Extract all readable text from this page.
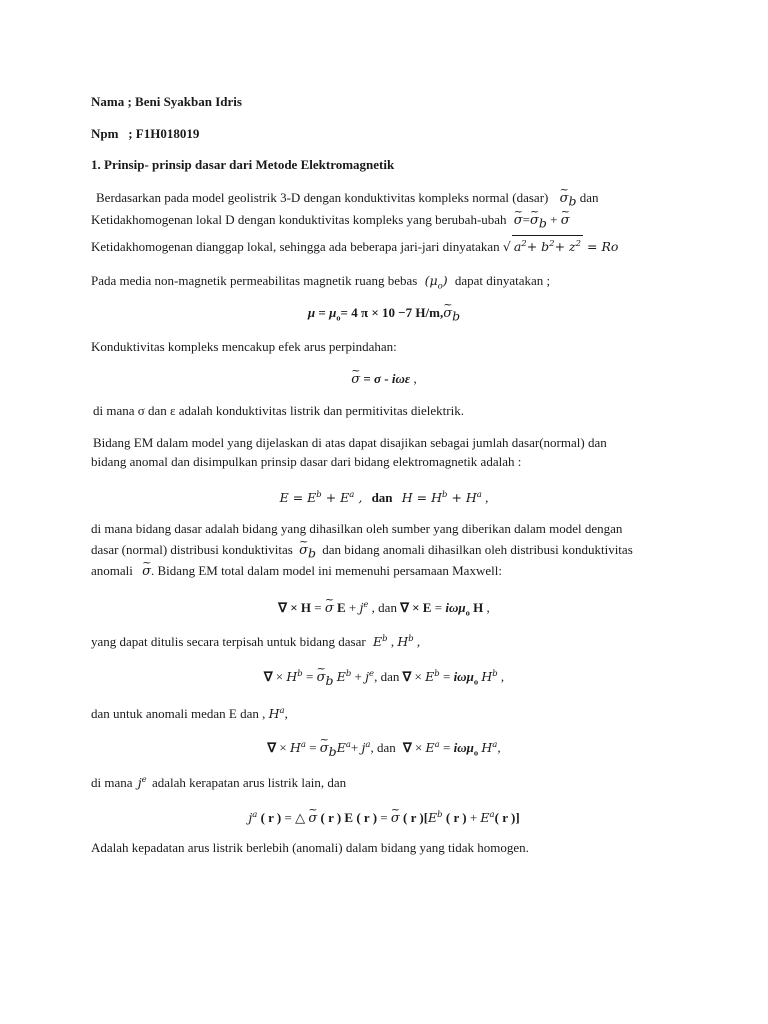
Nama ; Beni Syakban Idris
Npm   ; F1H018019
1. Prinsip- prinsip dasar dari Metode Elektromagnetik
Berdasarkan pada model geolistrik 3-D dengan konduktivitas kompleks normal (dasar) ~ $\sigma_b$ dan
Ketidakhomogenan lokal D dengan konduktivitas kompleks yang berubah-ubah ~ σ=~ $\sigma_b$ + ~ σ
Ketidakhomogenan dianggap lokal, sehingga ada beberapa jari-jari dinyatakan √ $a^2+ b^2+ z^2 = Ro$
Pada media non-magnetik permeabilitas magnetik ruang bebas $(\mu_o)$ dapat dinyatakan ;
$\mu = \mu_o= 4$ π × 10 −7 H/m,~ $\sigma_b$
Konduktivitas kompleks mencakup efek arus perpindahan:
~ σ = σ - iωε ,
di mana σ dan ε adalah konduktivitas listrik dan permitivitas dielektrik.
Bidang EM dalam model yang dijelaskan di atas dapat disajikan sebagai jumlah dasar(normal) dan
bidang anomal dan disimpulkan prinsip dasar dari bidang elektromagnetik adalah :
$E = E^b + E^a$ , dan $H = H^b + H^a$ ,
di mana bidang dasar adalah bidang yang dihasilkan oleh sumber yang diberikan dalam model dengan
dasar (normal) distribusi konduktivitas ~ $\sigma_b$ dan bidang anomali dihasilkan oleh distribusi konduktivitas
anomali ~ σ. Bidang EM total dalam model ini memenuhi persamaan Maxwell:
∇ × H = ~ σ $E + j^e$ , dan ∇ × E = iωμ$_o$ H ,
yang dapat ditulis secara terpisah untuk bidang dasar $E^b$ , $H^b$ ,
∇ × $H^b$ = ~ $\sigma_b$ $E^b + j^e$, dan ∇ × $E^b = i\omega\mu_o$ $H^b$ ,
dan untuk anomali medan E dan , $H^a$,
∇ × $H^a$ = ~ $\sigma_bE^a+ j^a$, dan ∇ × $E^a = i\omega\mu_o$ $H^a$,
di mana $j^e$ adalah kerapatan arus listrik lain, dan
$j^a$ ( r ) = △ ~ σ ( r ) E ( r ) = ~ σ ( r )[$E^b$ ( r ) + $E^a$( r )]
Adalah kepadatan arus listrik berlebih (anomali) dalam bidang yang tidak homogen.
